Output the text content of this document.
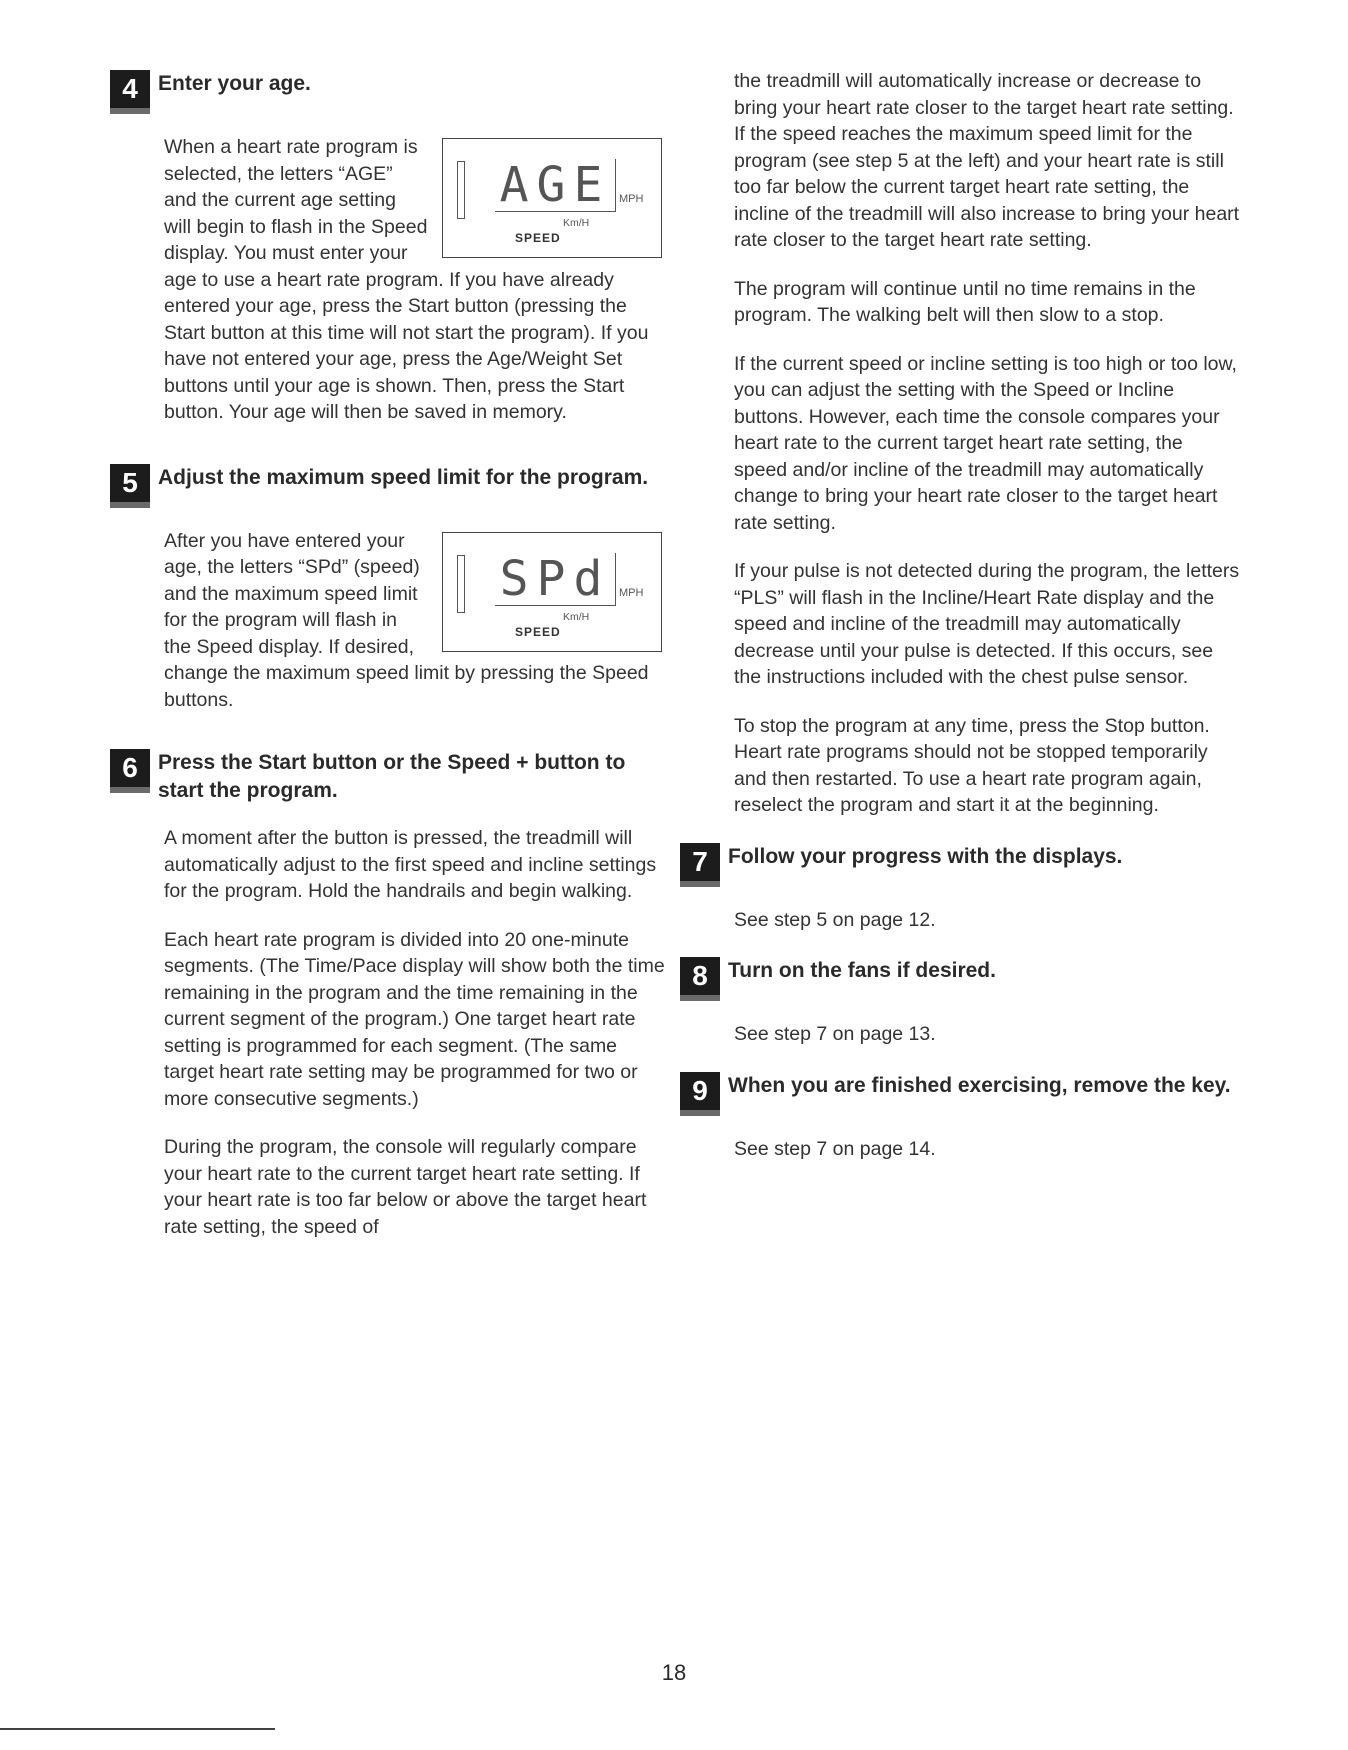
4 Enter your age.
AGE MPH
Km/H
SPEED

When a heart rate program is selected, the letters “AGE” and the current age setting will begin to flash in the Speed display. You must enter your age to use a heart rate program. If you have already entered your age, press the Start button (pressing the Start button at this time will not start the program). If you have not entered your age, press the Age/Weight Set buttons until your age is shown. Then, press the Start button. Your age will then be saved in memory.

5 Adjust the maximum speed limit for the program.
SPd MPH
Km/H
SPEED

After you have entered your age, the letters “SPd” (speed) and the maximum speed limit for the program will flash in the Speed display. If desired, change the maximum speed limit by pressing the Speed buttons.

6 Press the Start button or the Speed + button to start the program.

A moment after the button is pressed, the treadmill will automatically adjust to the first speed and incline settings for the program. Hold the handrails and begin walking.

Each heart rate program is divided into 20 one-minute segments. (The Time/Pace display will show both the time remaining in the program and the time remaining in the current segment of the program.) One target heart rate setting is programmed for each segment. (The same target heart rate setting may be programmed for two or more consecutive segments.)

During the program, the console will regularly compare your heart rate to the current target heart rate setting. If your heart rate is too far below or above the target heart rate setting, the speed of

the treadmill will automatically increase or decrease to bring your heart rate closer to the target heart rate setting. If the speed reaches the maximum speed limit for the program (see step 5 at the left) and your heart rate is still too far below the current target heart rate setting, the incline of the treadmill will also increase to bring your heart rate closer to the target heart rate setting.

The program will continue until no time remains in the program. The walking belt will then slow to a stop.

If the current speed or incline setting is too high or too low, you can adjust the setting with the Speed or Incline buttons. However, each time the console compares your heart rate to the current target heart rate setting, the speed and/or incline of the treadmill may automatically change to bring your heart rate closer to the target heart rate setting.

If your pulse is not detected during the program, the letters “PLS” will flash in the Incline/Heart Rate display and the speed and incline of the treadmill may automatically decrease until your pulse is detected. If this occurs, see the instructions included with the chest pulse sensor.

To stop the program at any time, press the Stop button. Heart rate programs should not be stopped temporarily and then restarted. To use a heart rate program again, reselect the program and start it at the beginning.

7 Follow your progress with the displays.

See step 5 on page 12.

8 Turn on the fans if desired.

See step 7 on page 13.

9 When you are finished exercising, remove the key.

See step 7 on page 14.

18
